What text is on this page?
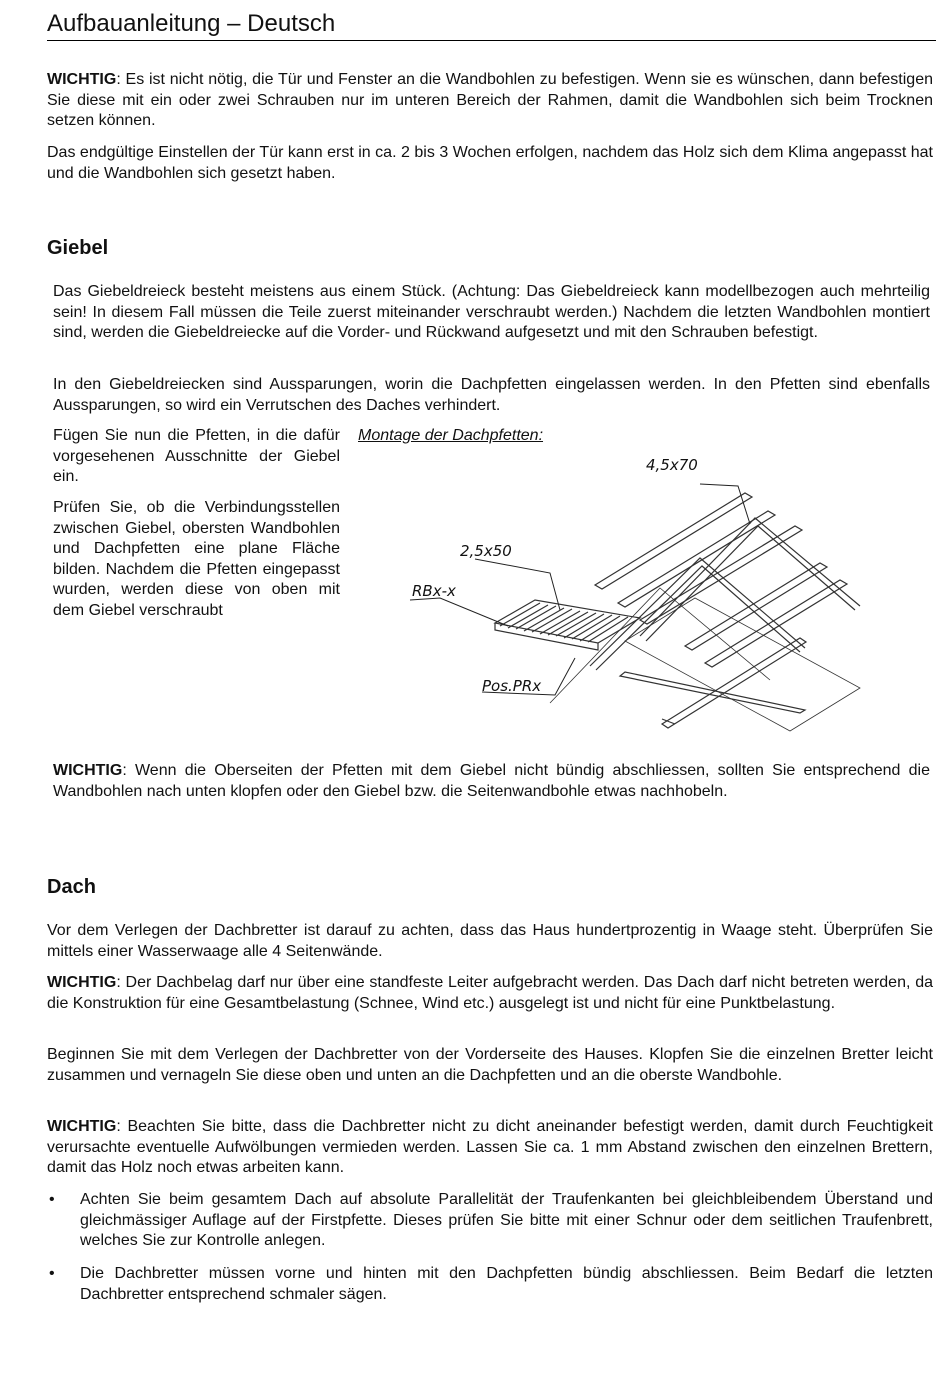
Aufbauanleitung – Deutsch

WICHTIG: Es ist nicht nötig, die Tür und Fenster an die Wandbohlen zu befestigen. Wenn sie es wünschen, dann befestigen Sie diese mit ein oder zwei Schrauben nur im unteren Bereich der Rahmen, damit die Wandbohlen sich beim Trocknen setzen können.

Das endgültige Einstellen der Tür kann erst in ca. 2 bis 3 Wochen erfolgen, nachdem das Holz sich dem Klima angepasst hat und die Wandbohlen sich gesetzt haben.

Giebel

Das Giebeldreieck besteht meistens aus einem Stück. (Achtung: Das Giebeldreieck kann modellbezogen auch mehrteilig sein! In diesem Fall müssen die Teile zuerst miteinander verschraubt werden.) Nachdem die letzten Wandbohlen montiert sind, werden die Giebeldreiecke auf die Vorder- und Rückwand aufgesetzt und mit den Schrauben befestigt.

In den Giebeldreiecken sind Aussparungen, worin die Dachpfetten eingelassen werden. In den Pfetten sind ebenfalls Aussparungen, so wird ein Verrutschen des Daches verhindert.

Fügen Sie nun die Pfetten, in die dafür vorgesehenen Ausschnitte der Giebel ein.

Prüfen Sie, ob die Verbindungsstellen zwischen Giebel, obersten Wandbohlen und Dachpfetten eine plane Fläche bilden. Nachdem die Pfetten eingepasst wurden, werden diese von oben mit dem Giebel verschraubt

Montage der Dachpfetten:
4,5x70
2,5x50
RBx-x
Pos.PRx

WICHTIG: Wenn die Oberseiten der Pfetten mit dem Giebel nicht bündig abschliessen, sollten Sie entsprechend die Wandbohlen nach unten klopfen oder den Giebel bzw. die Seitenwandbohle etwas nachhobeln.

Dach

Vor dem Verlegen der Dachbretter ist darauf zu achten, dass das Haus hundertprozentig in Waage steht. Überprüfen Sie mittels einer Wasserwaage alle 4 Seitenwände.

WICHTIG: Der Dachbelag darf nur über eine standfeste Leiter aufgebracht werden. Das Dach darf nicht betreten werden, da die Konstruktion für eine Gesamtbelastung (Schnee, Wind etc.) ausgelegt ist und nicht für eine Punktbelastung.

Beginnen Sie mit dem Verlegen der Dachbretter von der Vorderseite des Hauses. Klopfen Sie die einzelnen Bretter leicht zusammen und vernageln Sie diese oben und unten an die Dachpfetten und an die oberste Wandbohle.

WICHTIG: Beachten Sie bitte, dass die Dachbretter nicht zu dicht aneinander befestigt werden, damit durch Feuchtigkeit verursachte eventuelle Aufwölbungen vermieden werden. Lassen Sie ca. 1 mm Abstand zwischen den einzelnen Brettern, damit das Holz noch etwas arbeiten kann.

• Achten Sie beim gesamtem Dach auf absolute Parallelität der Traufenkanten bei gleichbleibendem Überstand und gleichmässiger Auflage auf der Firstpfette. Dieses prüfen Sie bitte mit einer Schnur oder dem seitlichen Traufenbrett, welches Sie zur Kontrolle anlegen.

• Die Dachbretter müssen vorne und hinten mit den Dachpfetten bündig abschliessen. Beim Bedarf die letzten Dachbretter entsprechend schmaler sägen.
